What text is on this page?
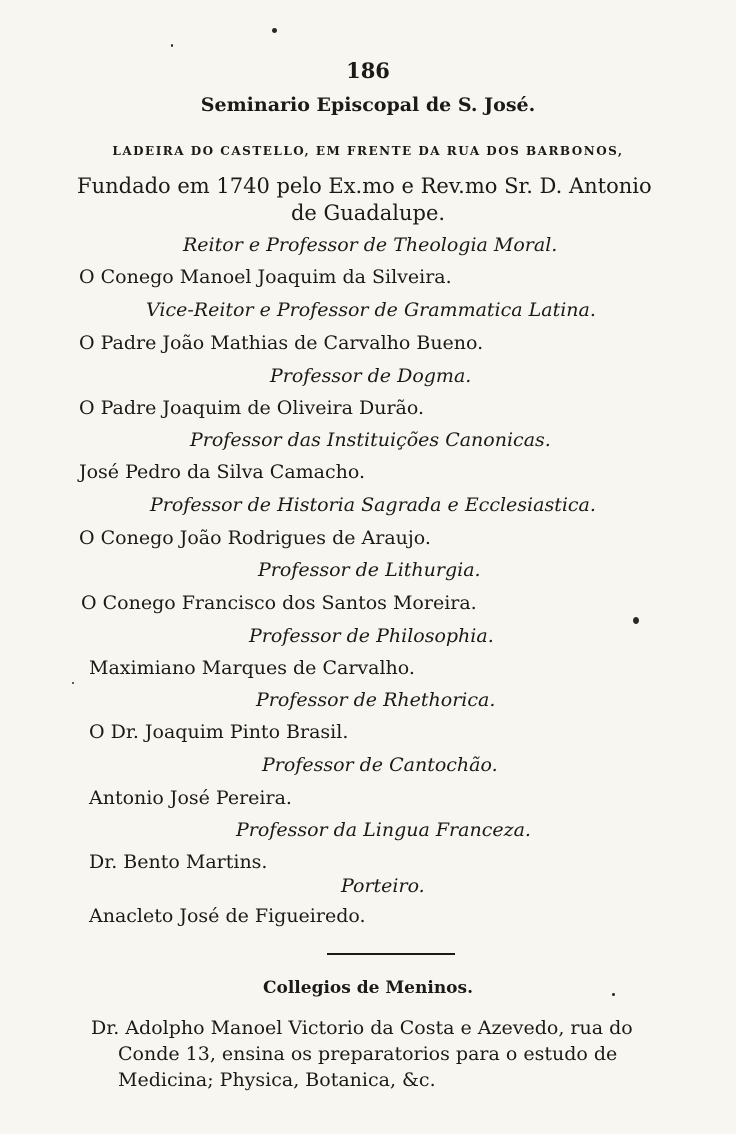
186
Seminario Episcopal de S. José.
LADEIRA DO CASTELLO, EM FRENTE DA RUA DOS BARBONOS,
Fundado em 1740 pelo Ex.mo e Rev.mo Sr. D. Antonio
de Guadalupe.
Reitor e Professor de Theologia Moral.
O Conego Manoel Joaquim da Silveira.
Vice-Reitor e Professor de Grammatica Latina.
O Padre João Mathias de Carvalho Bueno.
Professor de Dogma.
O Padre Joaquim de Oliveira Durão.
Professor das Instituições Canonicas.
José Pedro da Silva Camacho.
Professor de Historia Sagrada e Ecclesiastica.
O Conego João Rodrigues de Araujo.
Professor de Lithurgia.
O Conego Francisco dos Santos Moreira.
Professor de Philosophia.
Maximiano Marques de Carvalho.
Professor de Rhethorica.
O Dr. Joaquim Pinto Brasil.
Professor de Cantochão.
Antonio José Pereira.
Professor da Lingua Franceza.
Dr. Bento Martins.
Porteiro.
Anacleto José de Figueiredo.
Collegios de Meninos.
Dr. Adolpho Manoel Victorio da Costa e Azevedo, rua do
Conde 13, ensina os preparatorios para o estudo de
Medicina; Physica, Botanica, &c.
